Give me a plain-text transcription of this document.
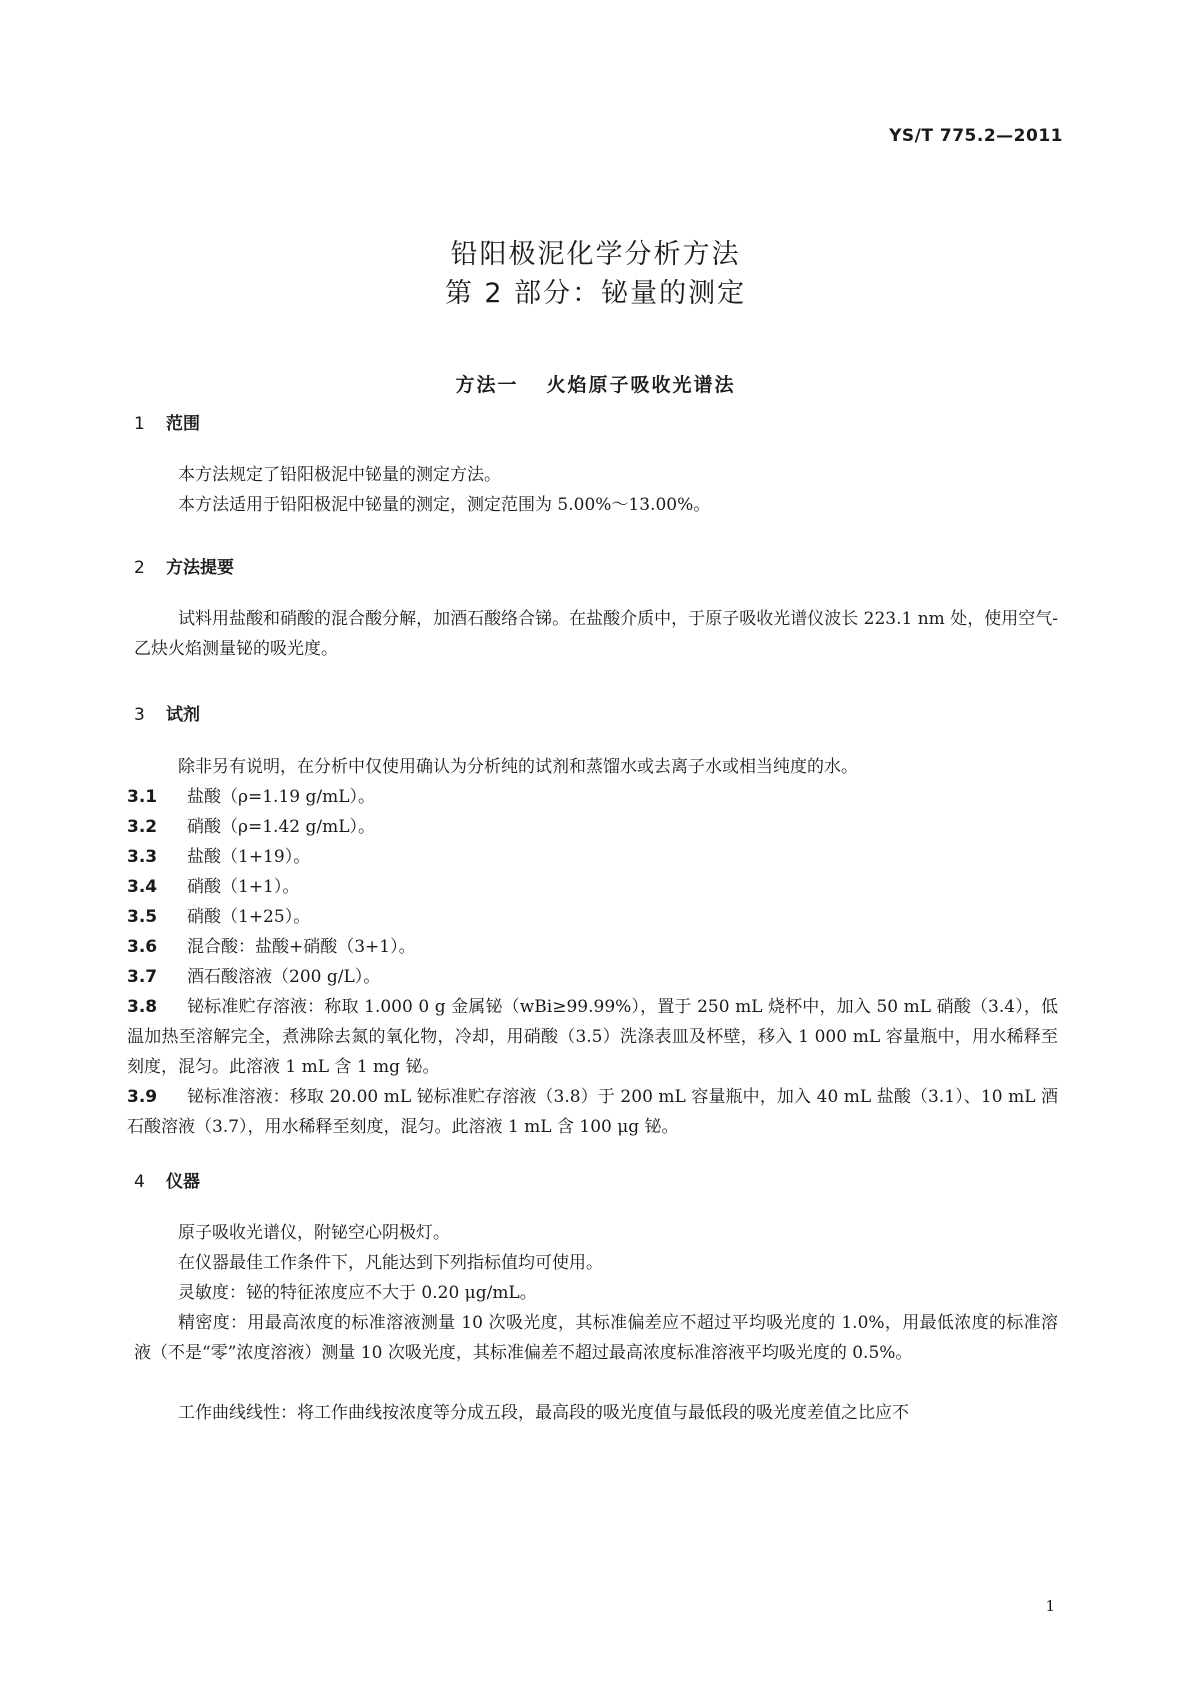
YS/T 775.2—2011
铅阳极泥化学分析方法
第 2 部分：铋量的测定
方法一 火焰原子吸收光谱法
1 范围
本方法规定了铅阳极泥中铋量的测定方法。
本方法适用于铅阳极泥中铋量的测定，测定范围为 5.00%～13.00%。
2 方法提要
试料用盐酸和硝酸的混合酸分解，加酒石酸络合锑。在盐酸介质中，于原子吸收光谱仪波长 223.1 nm 处，使用空气-乙炔火焰测量铋的吸光度。
3 试剂
除非另有说明，在分析中仅使用确认为分析纯的试剂和蒸馏水或去离子水或相当纯度的水。
3.1 盐酸（ρ=1.19 g/mL）。
3.2 硝酸（ρ=1.42 g/mL）。
3.3 盐酸（1+19）。
3.4 硝酸（1+1）。
3.5 硝酸（1+25）。
3.6 混合酸：盐酸+硝酸（3+1）。
3.7 酒石酸溶液（200 g/L）。
3.8 铋标准贮存溶液：称取 1.000 0 g 金属铋（wBi≥99.99%），置于 250 mL 烧杯中，加入 50 mL 硝酸（3.4），低温加热至溶解完全，煮沸除去氮的氧化物，冷却，用硝酸（3.5）洗涤表皿及杯壁，移入 1 000 mL 容量瓶中，用水稀释至刻度，混匀。此溶液 1 mL 含 1 mg 铋。
3.9 铋标准溶液：移取 20.00 mL 铋标准贮存溶液（3.8）于 200 mL 容量瓶中，加入 40 mL 盐酸（3.1）、10 mL 酒石酸溶液（3.7），用水稀释至刻度，混匀。此溶液 1 mL 含 100 μg 铋。
4 仪器
原子吸收光谱仪，附铋空心阴极灯。
在仪器最佳工作条件下，凡能达到下列指标值均可使用。
灵敏度：铋的特征浓度应不大于 0.20 μg/mL。
精密度：用最高浓度的标准溶液测量 10 次吸光度，其标准偏差应不超过平均吸光度的 1.0%，用最低浓度的标准溶液（不是“零”浓度溶液）测量 10 次吸光度，其标准偏差不超过最高浓度标准溶液平均吸光度的 0.5%。
工作曲线线性：将工作曲线按浓度等分成五段，最高段的吸光度值与最低段的吸光度差值之比应不
1
